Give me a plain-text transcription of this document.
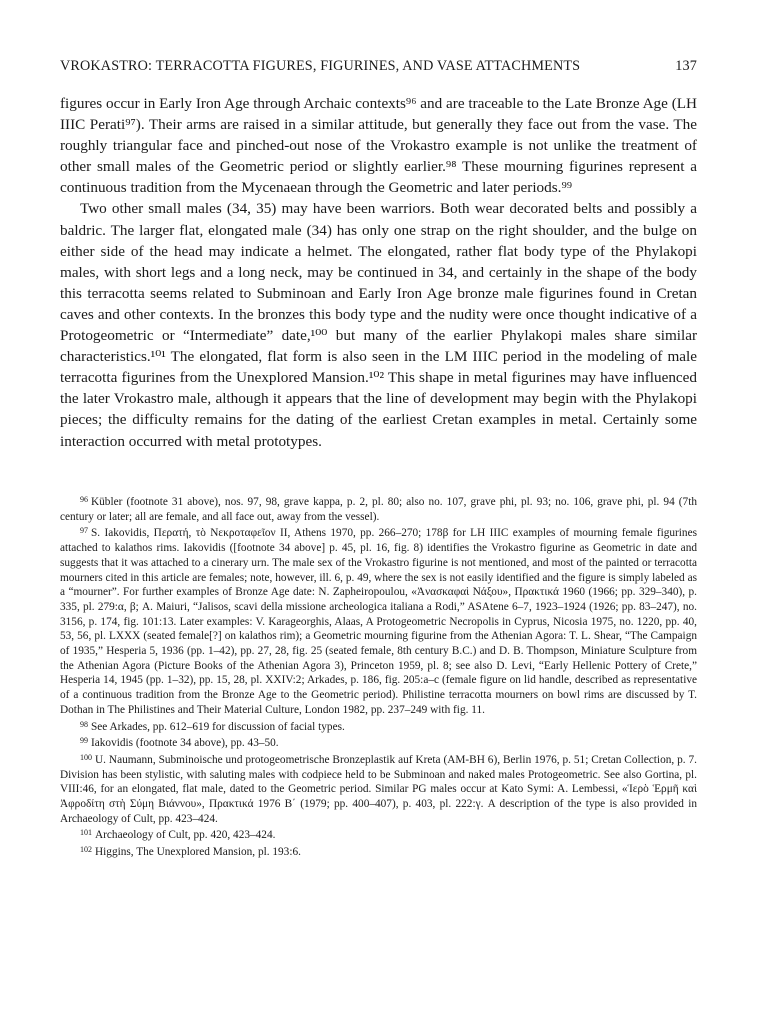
VROKASTRO: TERRACOTTA FIGURES, FIGURINES, AND VASE ATTACHMENTS	137

figures occur in Early Iron Age through Archaic contexts⁹⁶ and are traceable to the Late Bronze Age (LH IIIC Perati⁹⁷). Their arms are raised in a similar attitude, but generally they face out from the vase. The roughly triangular face and pinched-out nose of the Vrokastro example is not unlike the treatment of other small males of the Geometric period or slightly earlier.⁹⁸ These mourning figurines represent a continuous tradition from the Mycenaean through the Geometric and later periods.⁹⁹

Two other small males (34, 35) may have been warriors. Both wear decorated belts and possibly a baldric. The larger flat, elongated male (34) has only one strap on the right shoulder, and the bulge on either side of the head may indicate a helmet. The elongated, rather flat body type of the Phylakopi males, with short legs and a long neck, may be continued in 34, and certainly in the shape of the body this terracotta seems related to Subminoan and Early Iron Age bronze male figurines found in Cretan caves and other contexts. In the bronzes this body type and the nudity were once thought indicative of a Protogeometric or “Intermediate” date,¹⁰⁰ but many of the earlier Phylakopi males share similar characteristics.¹⁰¹ The elongated, flat form is also seen in the LM IIIC period in the modeling of male terracotta figurines from the Unexplored Mansion.¹⁰² This shape in metal figurines may have influenced the later Vrokastro male, although it appears that the line of development may begin with the Phylakopi pieces; the difficulty remains for the dating of the earliest Cretan examples in metal. Certainly some interaction occurred with metal prototypes.

$^{96}$ Kübler (footnote 31 above), nos. 97, 98, grave kappa, p. 2, pl. 80; also no. 107, grave phi, pl. 93; no. 106, grave phi, pl. 94 (7th century or later; all are female, and all face out, away from the vessel).

$^{97}$ S. Iakovidis, Περατή, τὸ Νεκροταφεῖον II, Athens 1970, pp. 266–270; 178β for LH IIIC examples of mourning female figurines attached to kalathos rims. Iakovidis ([footnote 34 above] p. 45, pl. 16, fig. 8) identifies the Vrokastro figurine as Geometric in date and suggests that it was attached to a cinerary urn. The male sex of the Vrokastro figurine is not mentioned, and most of the painted or terracotta mourners cited in this article are females; note, however, ill. 6, p. 49, where the sex is not easily identified and the figure is simply labeled as a “mourner”. For further examples of Bronze Age date: N. Zapheiropoulou, «Ἀνασκαφαὶ Νάξου», Πρακτικά 1960 (1966; pp. 329–340), p. 335, pl. 279:α, β; A. Maiuri, “Jalisos, scavi della missione archeologica italiana a Rodi,” ASAtene 6–7, 1923–1924 (1926; pp. 83–247), no. 3156, p. 174, fig. 101:13. Later examples: V. Karageorghis, Alaas, A Protogeometric Necropolis in Cyprus, Nicosia 1975, no. 1220, pp. 40, 53, 56, pl. LXXX (seated female[?] on kalathos rim); a Geometric mourning figurine from the Athenian Agora: T. L. Shear, “The Campaign of 1935,” Hesperia 5, 1936 (pp. 1–42), pp. 27, 28, fig. 25 (seated female, 8th century B.C.) and D. B. Thompson, Miniature Sculpture from the Athenian Agora (Picture Books of the Athenian Agora 3), Princeton 1959, pl. 8; see also D. Levi, “Early Hellenic Pottery of Crete,” Hesperia 14, 1945 (pp. 1–32), pp. 15, 28, pl. XXIV:2; Arkades, p. 186, fig. 205:a–c (female figure on lid handle, described as representative of a continuous tradition from the Bronze Age to the Geometric period). Philistine terracotta mourners on bowl rims are discussed by T. Dothan in The Philistines and Their Material Culture, London 1982, pp. 237–249 with fig. 11.

$^{98}$ See Arkades, pp. 612–619 for discussion of facial types.

$^{99}$ Iakovidis (footnote 34 above), pp. 43–50.

$^{100}$ U. Naumann, Subminoische und protogeometrische Bronzeplastik auf Kreta (AM-BH 6), Berlin 1976, p. 51; Cretan Collection, p. 7. Division has been stylistic, with saluting males with codpiece held to be Subminoan and naked males Protogeometric. See also Gortina, pl. VIII:46, for an elongated, flat male, dated to the Geometric period. Similar PG males occur at Kato Symi: A. Lembessi, «Ἱερὸ Ἑρμῆ καὶ Ἀφροδίτη στὴ Σύμη Βιάννου», Πρακτικά 1976 Β΄ (1979; pp. 400–407), p. 403, pl. 222:γ. A description of the type is also provided in Archaeology of Cult, pp. 423–424.

$^{101}$ Archaeology of Cult, pp. 420, 423–424.

$^{102}$ Higgins, The Unexplored Mansion, pl. 193:6.
